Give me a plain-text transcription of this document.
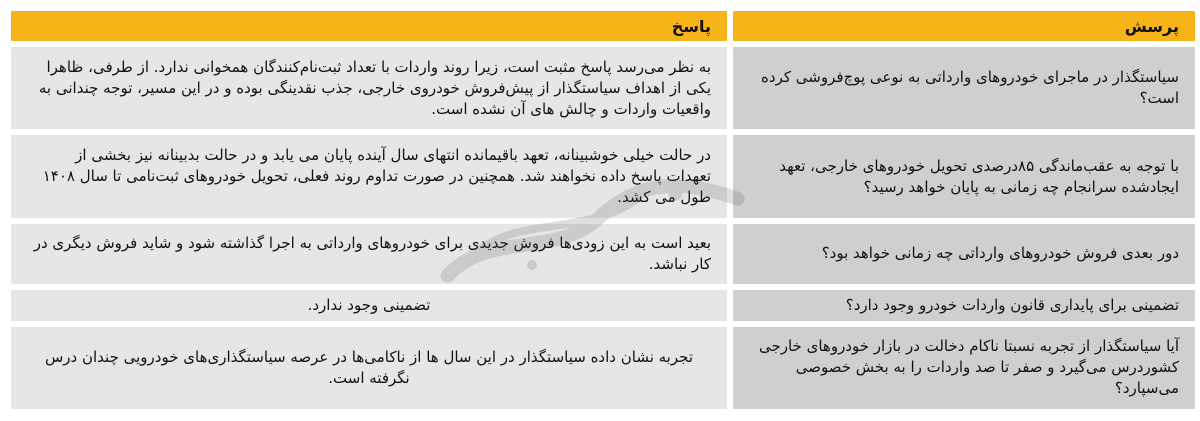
پرسش	پاسخ
سیاستگذار در ماجرای خودروهای وارداتی به نوعی پوچ‌فروشی کرده است؟	به نظر می‌رسد پاسخ مثبت است، زیرا روند واردات با تعداد ثبت‌نام‌کنندگان همخوانی ندارد. از طرفی، ظاهرا یکی از اهداف سیاستگذار از پیش‌فروش خودروی خارجی، جذب نقدینگی بوده و در این مسیر، توجه چندانی به واقعیات واردات و چالش های آن نشده است.
با توجه به عقب‌ماندگی ۸۵درصدی تحویل خودروهای خارجی، تعهد ایجادشده سرانجام چه زمانی به پایان خواهد رسید؟	در حالت خیلی خوشبینانه، تعهد باقیمانده انتهای سال آینده پایان می یابد و در حالت بدبینانه نیز بخشی از تعهدات پاسخ داده نخواهند شد. همچنین در صورت تداوم روند فعلی، تحویل خودروهای ثبت‌نامی تا سال ۱۴۰۸ طول می کشد.
دور بعدی فروش خودروهای وارداتی چه زمانی خواهد بود؟	بعید است به این زودی‌ها فروش جدیدی برای خودروهای وارداتی به اجرا گذاشته شود و شاید فروش دیگری در کار نباشد.
تضمینی برای پایداری قانون واردات خودرو وجود دارد؟	تضمینی وجود ندارد.
آیا سیاستگذار از تجربه نسبتا ناکام دخالت در بازار خودروهای خارجی کشوردرس می‌گیرد و صفر تا صد واردات را به بخش خصوصی می‌سپارد؟	تجربه نشان داده سیاستگذار در این سال ها از ناکامی‌ها در عرصه سیاستگذاری‌های خودرویی چندان درس نگرفته است.
